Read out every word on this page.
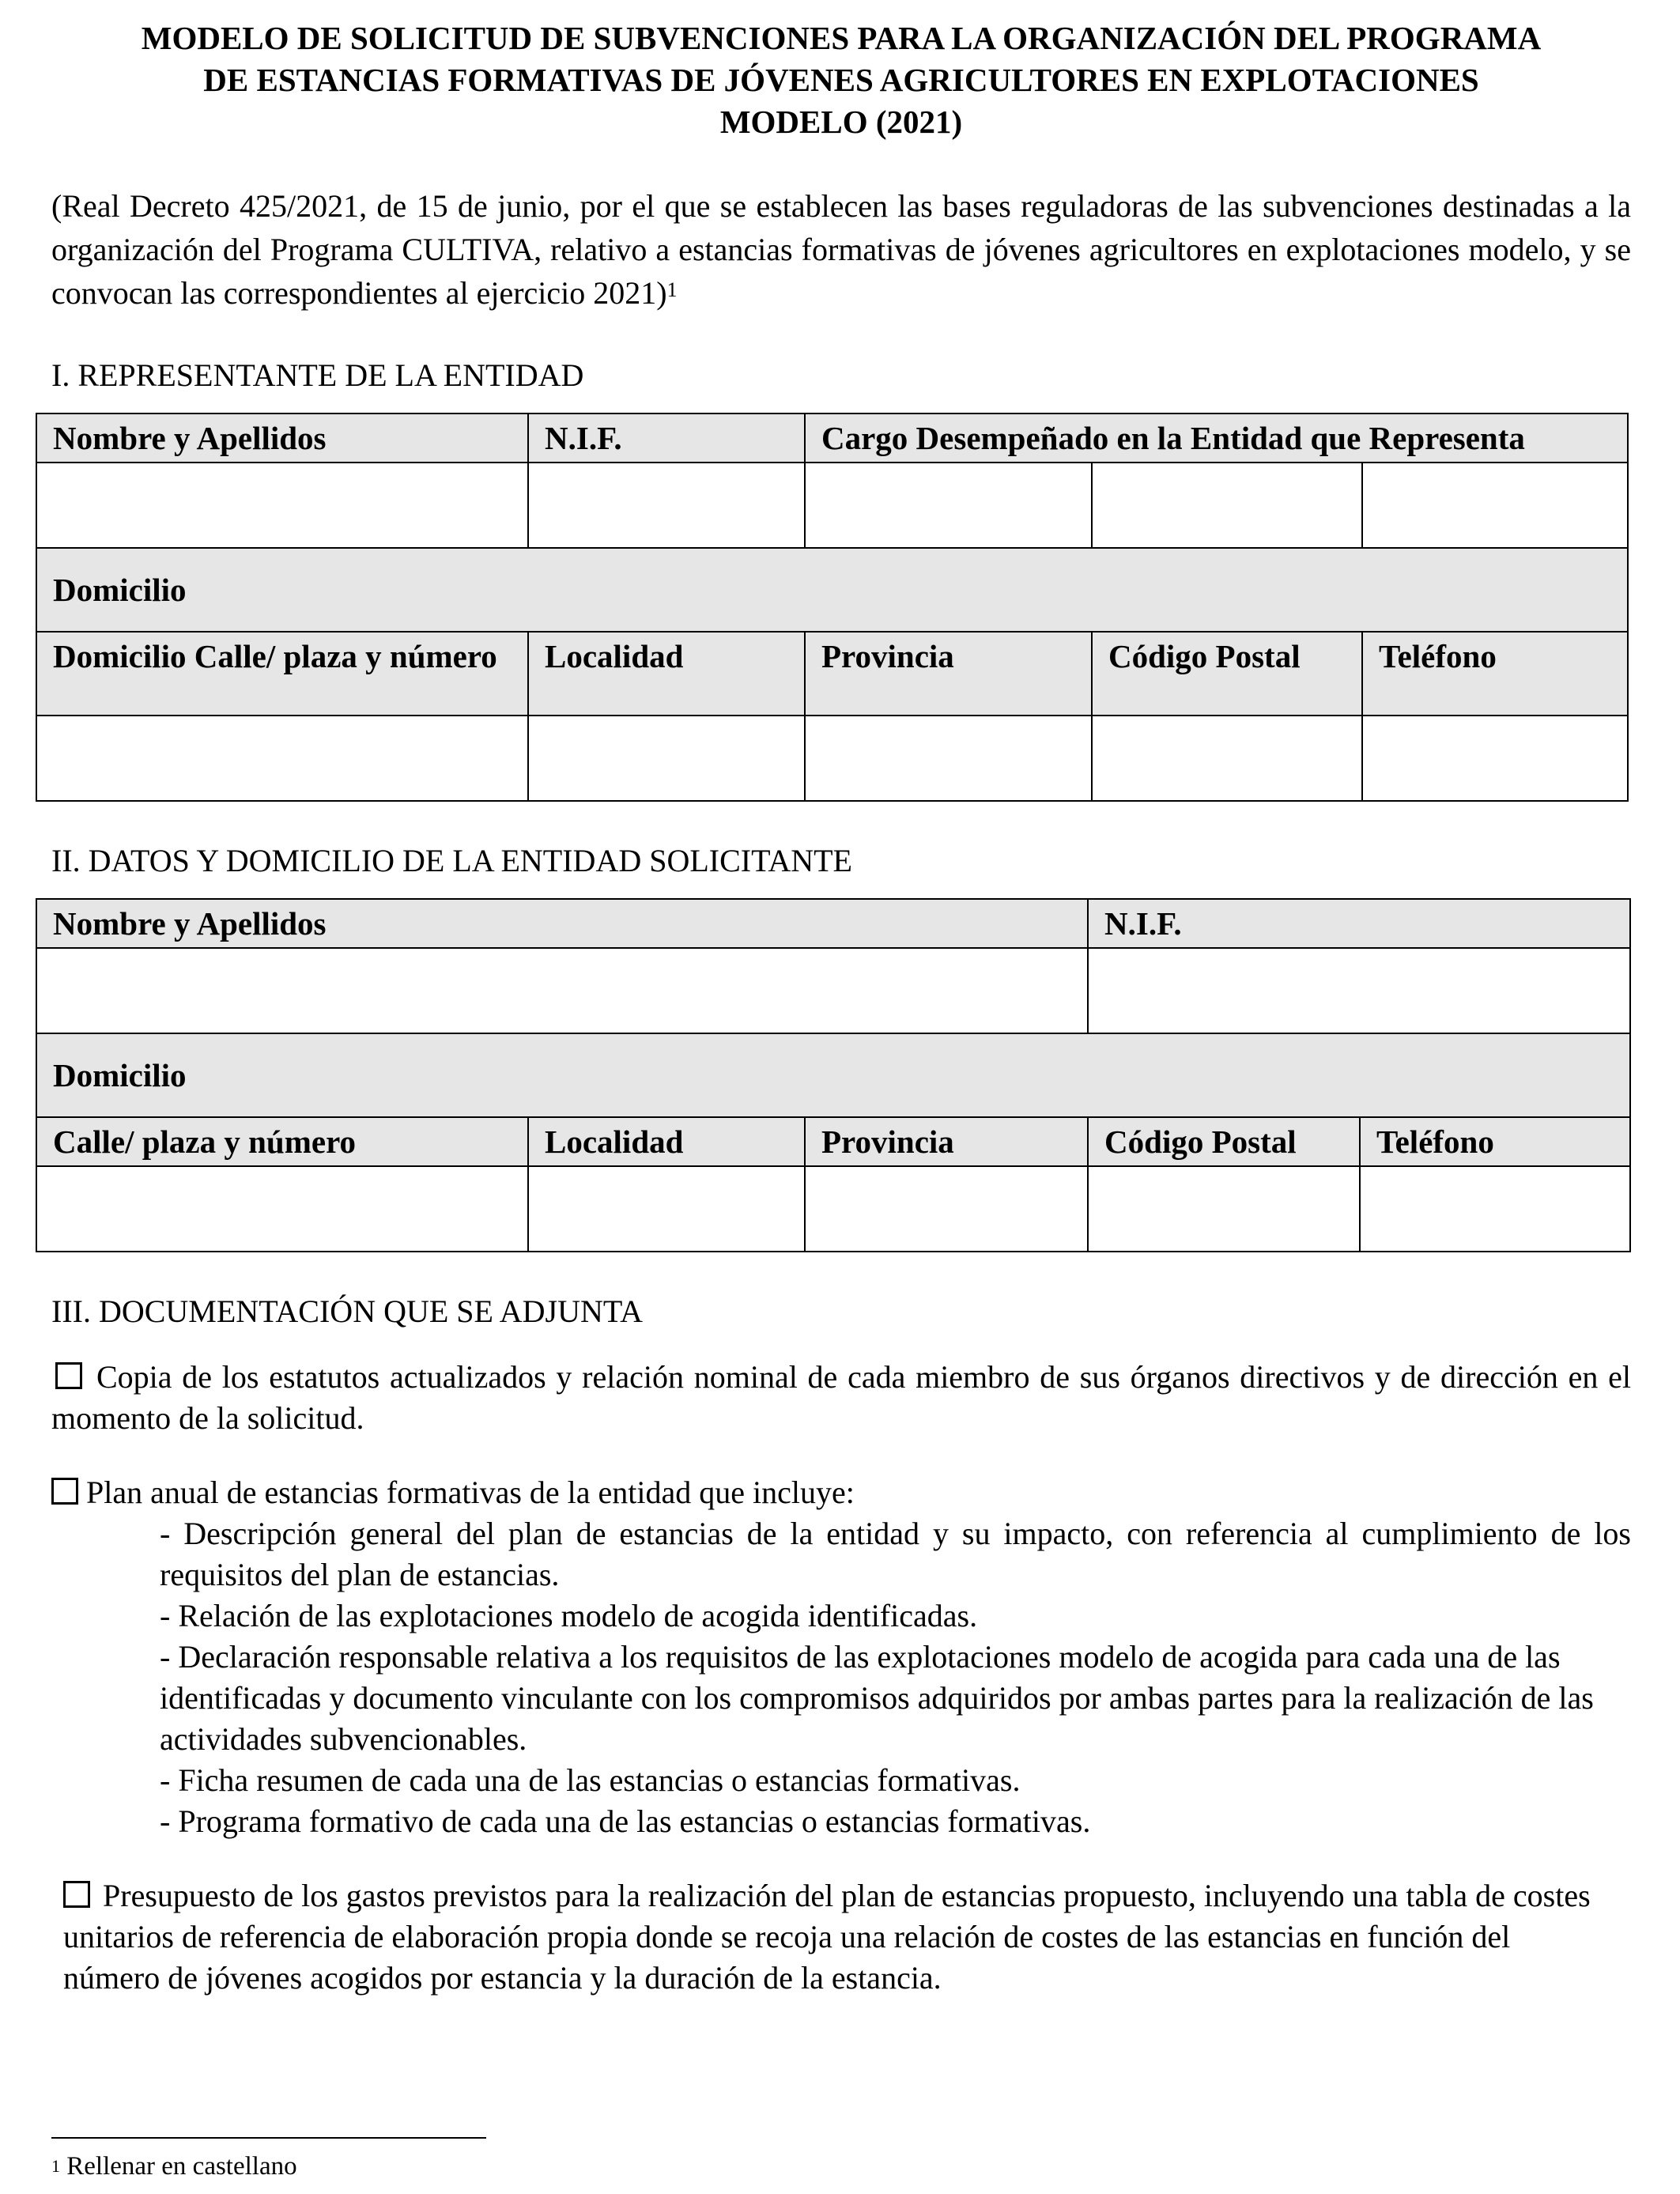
MODELO DE SOLICITUD DE SUBVENCIONES PARA LA ORGANIZACIÓN DEL PROGRAMA
DE ESTANCIAS FORMATIVAS DE JÓVENES AGRICULTORES EN EXPLOTACIONES
MODELO (2021)
(Real Decreto 425/2021, de 15 de junio, por el que se establecen las bases reguladoras de las subvenciones destinadas a la organización del Programa CULTIVA, relativo a estancias formativas de jóvenes agricultores en explotaciones modelo, y se convocan las correspondientes al ejercicio 2021)$^1$
I. REPRESENTANTE DE LA ENTIDAD
Nombre y Apellidos	N.I.F.	Cargo Desempeñado en la Entidad que Representa		

Domicilio				
Domicilio Calle/ plaza y número	Localidad	Provincia	Código Postal	Teléfono

II. DATOS Y DOMICILIO DE LA ENTIDAD SOLICITANTE
Nombre y Apellidos			N.I.F.	

Domicilio				
Calle/ plaza y número	Localidad	Provincia	Código Postal	Teléfono

III. DOCUMENTACIÓN QUE SE ADJUNTA
Copia de los estatutos actualizados y relación nominal de cada miembro de sus órganos directivos y de dirección en el momento de la solicitud.
Plan anual de estancias formativas de la entidad que incluye:
- Descripción general del plan de estancias de la entidad y su impacto, con referencia al cumplimiento de los requisitos del plan de estancias.
- Relación de las explotaciones modelo de acogida identificadas.
- Declaración responsable relativa a los requisitos de las explotaciones modelo de acogida para cada una de las identificadas y documento vinculante con los compromisos adquiridos por ambas partes para la realización de las actividades subvencionables.
- Ficha resumen de cada una de las estancias o estancias formativas.
- Programa formativo de cada una de las estancias o estancias formativas.
Presupuesto de los gastos previstos para la realización del plan de estancias propuesto, incluyendo una tabla de costes unitarios de referencia de elaboración propia donde se recoja una relación de costes de las estancias en función del número de jóvenes acogidos por estancia y la duración de la estancia.
$^1$ Rellenar en castellano
